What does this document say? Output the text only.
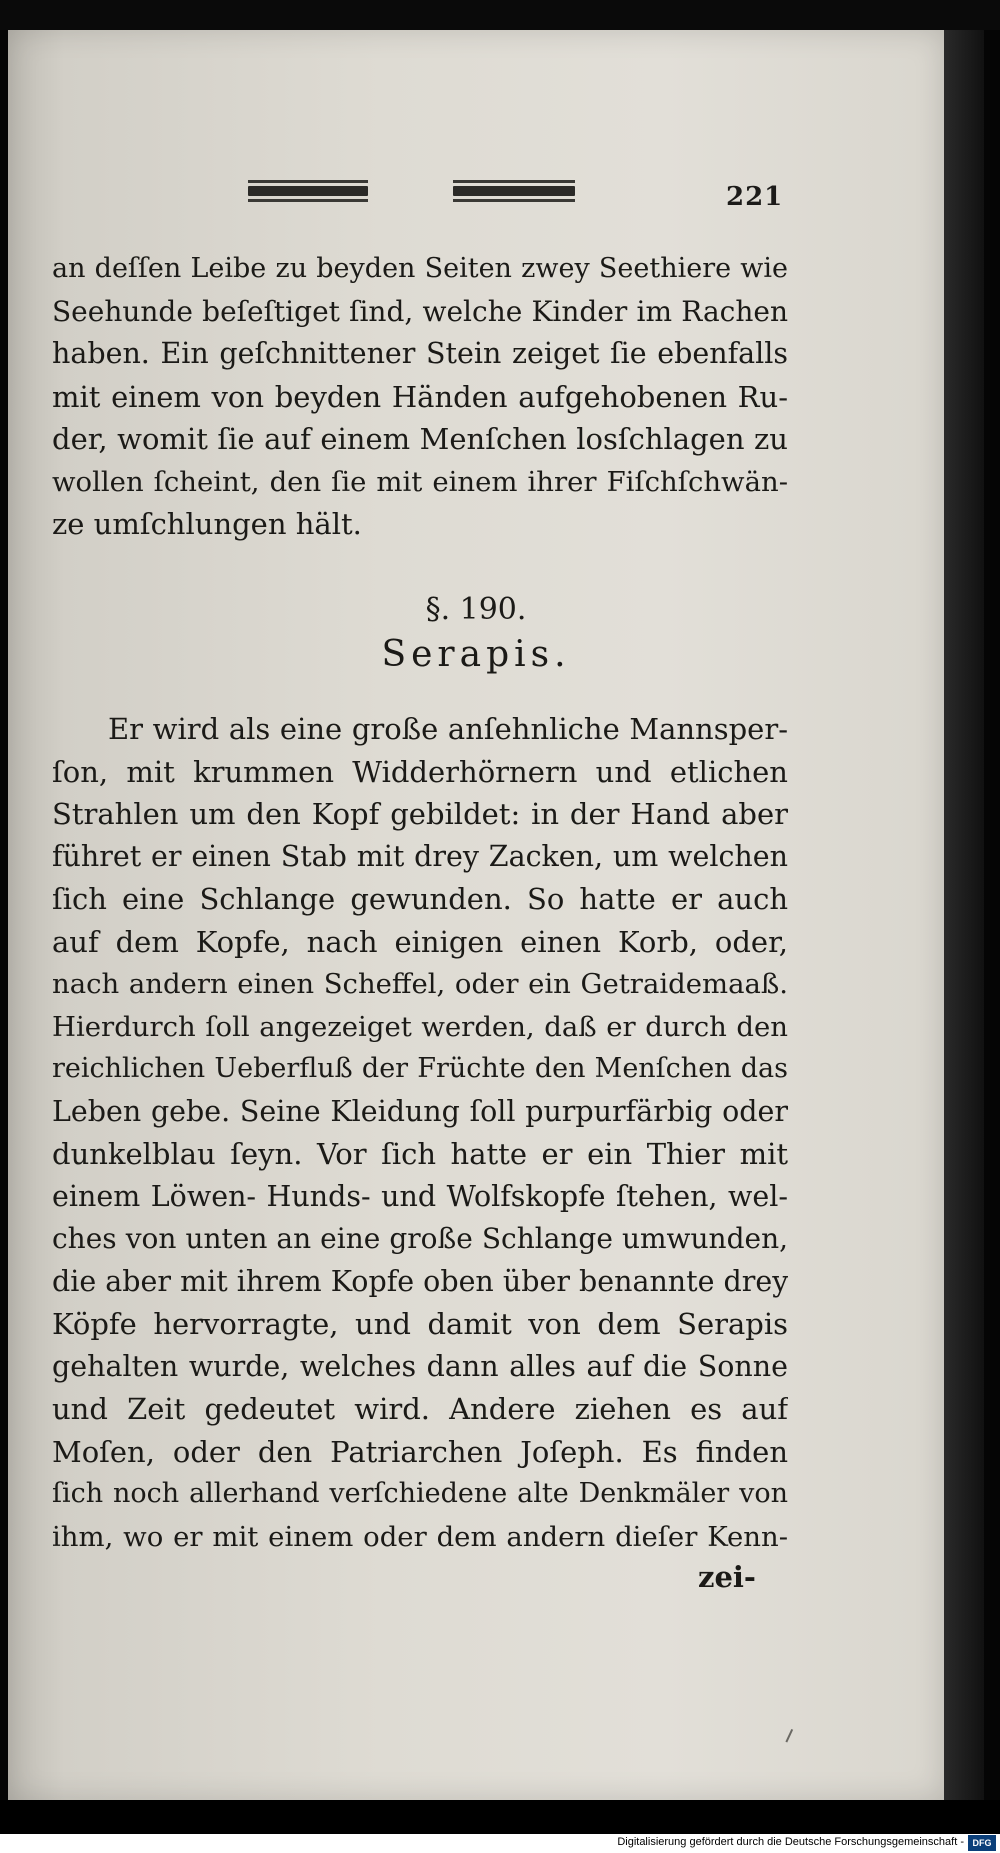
221
an deſſen Leibe zu beyden Seiten zwey Seethiere wie
Seehunde beſeſtiget ſind, welche Kinder im Rachen
haben. Ein geſchnittener Stein zeiget ſie ebenfalls
mit einem von beyden Händen aufgehobenen Ru‑
der, womit ſie auf einem Menſchen losſchlagen zu
wollen ſcheint, den ſie mit einem ihrer Fiſchſchwän‑
ze umſchlungen hält.
§. 190.
Serapis.
Er wird als eine große anſehnliche Mannsper‑
ſon, mit krummen Widderhörnern und etlichen
Strahlen um den Kopf gebildet: in der Hand aber
führet er einen Stab mit drey Zacken, um welchen
ſich eine Schlange gewunden. So hatte er auch
auf dem Kopfe, nach einigen einen Korb, oder,
nach andern einen Scheffel, oder ein Getraidemaaß.
Hierdurch ſoll angezeiget werden, daß er durch den
reichlichen Ueberfluß der Früchte den Menſchen das
Leben gebe. Seine Kleidung ſoll purpurfärbig oder
dunkelblau ſeyn. Vor ſich hatte er ein Thier mit
einem Löwen‑ Hunds‑ und Wolfskopfe ſtehen, wel‑
ches von unten an eine große Schlange umwunden,
die aber mit ihrem Kopfe oben über benannte drey
Köpfe hervorragte, und damit von dem Serapis
gehalten wurde, welches dann alles auf die Sonne
und Zeit gedeutet wird. Andere ziehen es auf
Moſen, oder den Patriarchen Joſeph. Es finden
ſich noch allerhand verſchiedene alte Denkmäler von
ihm, wo er mit einem oder dem andern dieſer Kenn‑
zei‑
Digitalisierung gefördert durch die Deutsche Forschungsgemeinschaft - DFG
